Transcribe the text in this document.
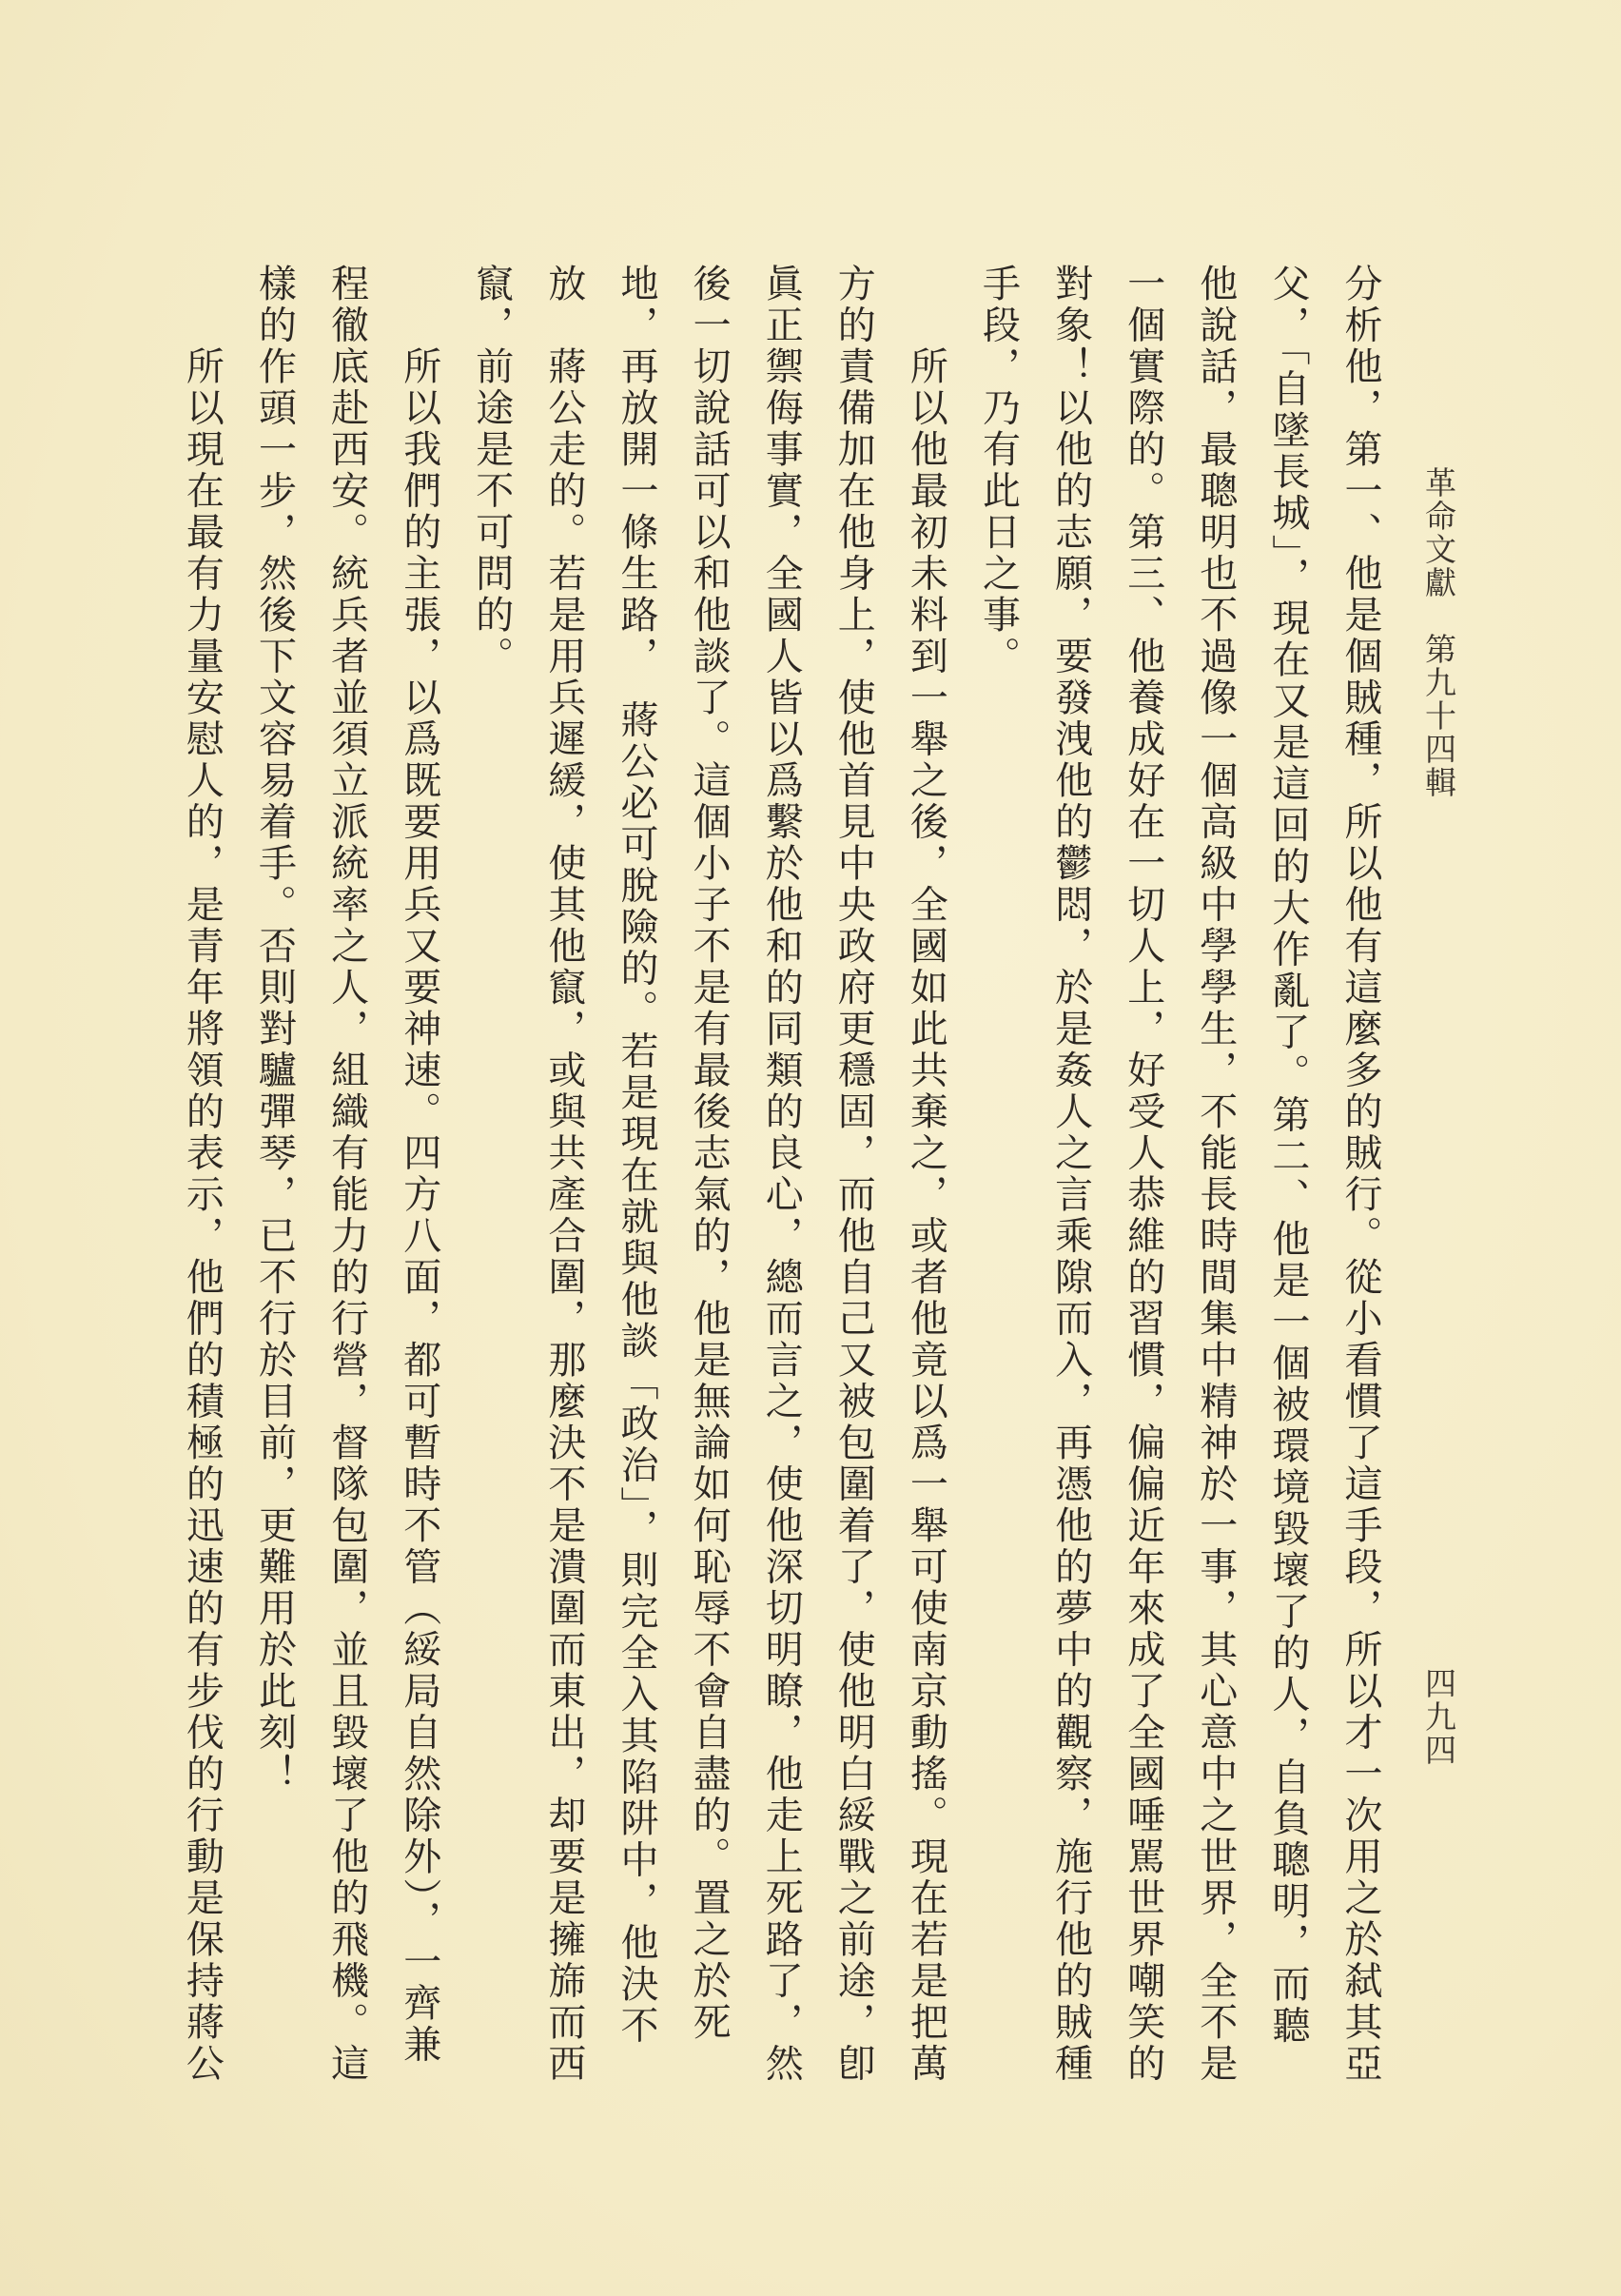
革命文獻　第九十四輯
四九四
分析他，第一、他是個賊種，所以他有這麼多的賊行。從小看慣了這手段，所以才一次用之於弑其亞
父，「自墜長城」，現在又是這回的大作亂了。第二、他是一個被環境毀壞了的人，自負聰明，而聽
他說話，最聰明也不過像一個高級中學學生，不能長時間集中精神於一事，其心意中之世界，全不是
一個實際的。第三、他養成好在一切人上，好受人恭維的習慣，偏偏近年來成了全國唾駡世界嘲笑的
對象！以他的志願，要發洩他的鬱悶，於是姦人之言乘隙而入，再憑他的夢中的觀察，施行他的賊種
手段，乃有此日之事。
　　所以他最初未料到一舉之後，全國如此共棄之，或者他竟以爲一舉可使南京動搖。現在若是把萬
方的責備加在他身上，使他首見中央政府更穩固，而他自己又被包圍着了，使他明白綏戰之前途，卽
眞正禦侮事實，全國人皆以爲繫於他和的同類的良心，總而言之，使他深切明瞭，他走上死路了，然
後一切說話可以和他談了。這個小子不是有最後志氣的，他是無論如何恥辱不會自盡的。置之於死
地，再放開一條生路，　蔣公必可脫險的。若是現在就與他談「政治」，則完全入其陷阱中，他決不
放　蔣公走的。若是用兵遲緩，使其他竄，或與共產合圍，那麼決不是潰圍而東出，却要是擁旆而西
竄，前途是不可問的。
　　所以我們的主張，以爲既要用兵又要神速。四方八面，都可暫時不管（綏局自然除外），一齊兼
程徹底赴西安。統兵者並須立派統率之人，組織有能力的行營，督隊包圍，並且毀壞了他的飛機。這
樣的作頭一步，然後下文容易着手。否則對驢彈琴，已不行於目前，更難用於此刻！
　　所以現在最有力量安慰人的，是青年將領的表示，他們的積極的迅速的有步伐的行動是保持蔣公
